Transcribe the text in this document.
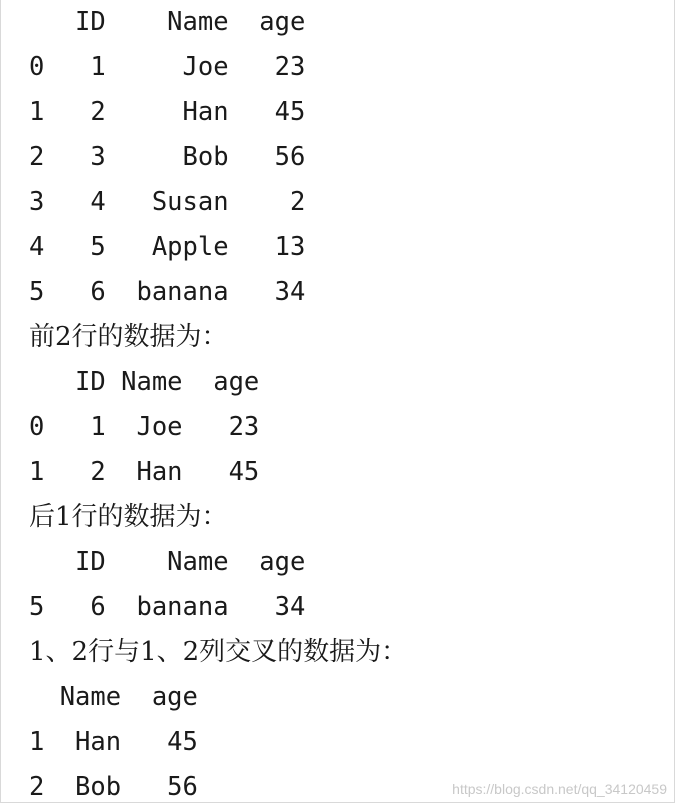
ID    Name  age
0   1     Joe   23
1   2     Han   45
2   3     Bob   56
3   4   Susan    2
4   5   Apple   13
5   6  banana   34
前2行的数据为：
ID Name  age
0   1  Joe   23
1   2  Han   45
后1行的数据为：
ID    Name  age
5   6  banana   34
1、2行与1、2列交叉的数据为：
Name  age
1  Han   45
2  Bob   56	https://blog.csdn.net/qq_34120459
